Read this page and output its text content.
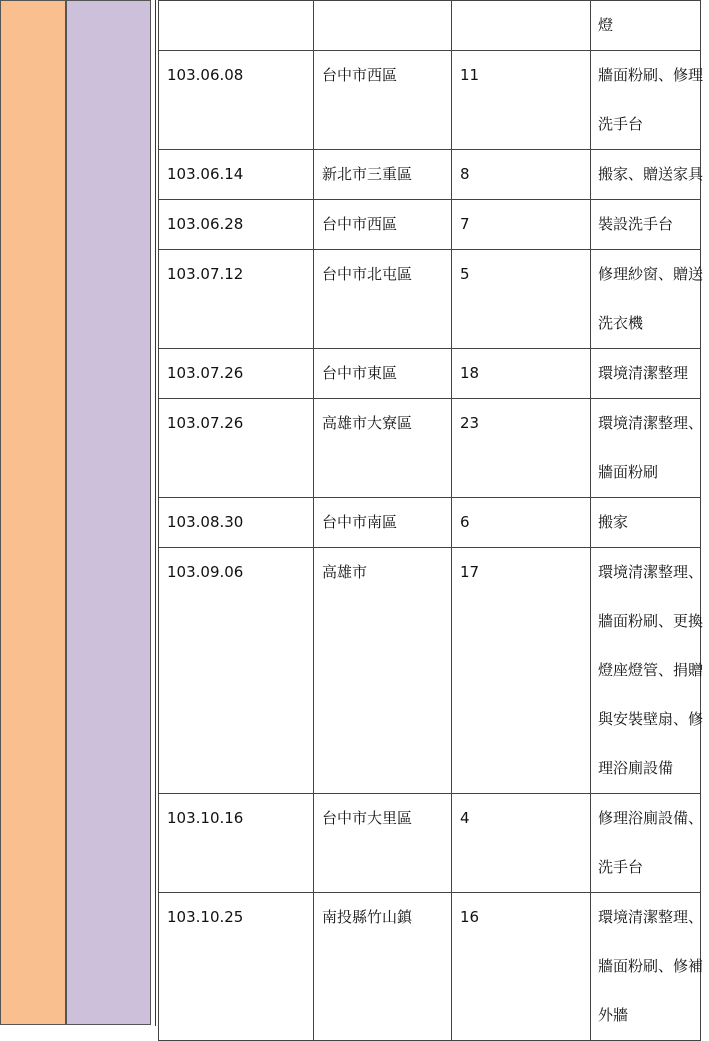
			燈

103.06.08	台中市西區	11	牆面粉刷、修理
洗手台

103.06.14	新北市三重區	8	搬家、贈送家具

103.06.28	台中市西區	7	裝設洗手台

103.07.12	台中市北屯區	5	修理紗窗、贈送
洗衣機

103.07.26	台中市東區	18	環境清潔整理

103.07.26	高雄市大寮區	23	環境清潔整理、
牆面粉刷

103.08.30	台中市南區	6	搬家

103.09.06	高雄市	17	環境清潔整理、
牆面粉刷、更換
燈座燈管、捐贈
與安裝壁扇、修
理浴廁設備

103.10.16	台中市大里區	4	修理浴廁設備、
洗手台

103.10.25	南投縣竹山鎮	16	環境清潔整理、
牆面粉刷、修補
外牆
